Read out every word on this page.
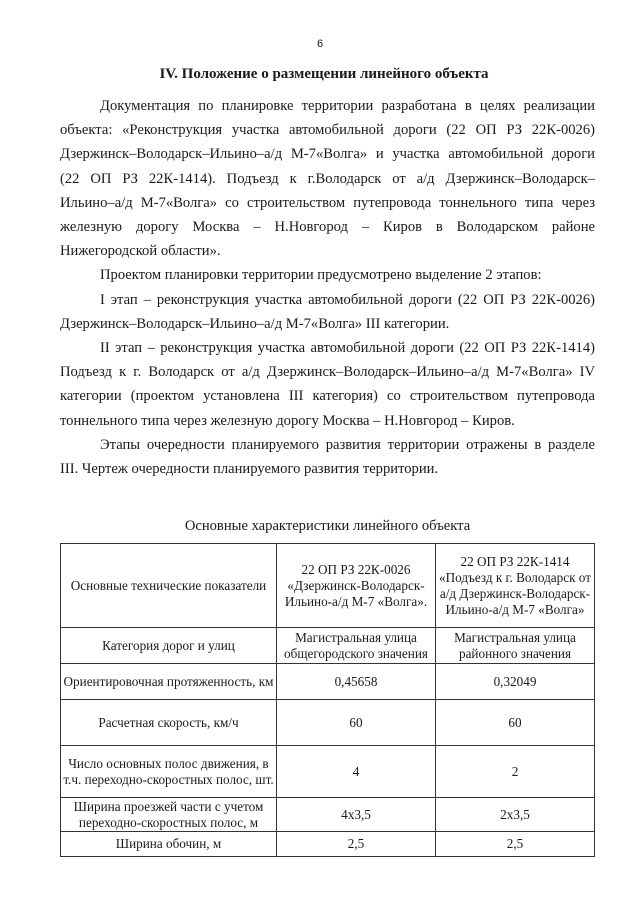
6
IV. Положение о размещении линейного объекта

Документация по планировке территории разработана в целях реализации
объекта: «Реконструкция участка автомобильной дороги (22 ОП РЗ 22К-0026)
Дзержинск–Володарск–Ильино–а/д М-7«Волга» и участка автомобильной дороги
(22 ОП РЗ 22К-1414). Подъезд к г.Володарск от а/д Дзержинск–Володарск–
Ильино–а/д М-7«Волга» со строительством путепровода тоннельного типа через
железную дорогу Москва – Н.Новгород – Киров в Володарском районе
Нижегородской области».

Проектом планировки территории предусмотрено выделение 2 этапов:

I этап – реконструкция участка автомобильной дороги (22 ОП РЗ 22К-0026)
Дзержинск–Володарск–Ильино–а/д М-7«Волга» III категории.

II этап – реконструкция участка автомобильной дороги (22 ОП РЗ 22К-1414)
Подъезд к г. Володарск от а/д Дзержинск–Володарск–Ильино–а/д М-7«Волга» IV
категории (проектом установлена III категория) со строительством путепровода
тоннельного типа через железную дорогу Москва – Н.Новгород – Киров.

Этапы очередности планируемого развития территории отражены в разделе
III. Чертеж очередности планируемого развития территории.

Основные характеристики линейного объекта
Основные технические показатели	22 ОП РЗ 22К-0026 «Дзержинск-Володарск-Ильино-а/д М-7 «Волга».	22 ОП РЗ 22К-1414 «Подъезд к г. Володарск от а/д Дзержинск-Володарск-Ильино-а/д М-7 «Волга»
Категория дорог и улиц	Магистральная улица общегородского значения	Магистральная улица районного значения
Ориентировочная протяженность, км	0,45658	0,32049
Расчетная скорость, км/ч	60	60
Число основных полос движения, в т.ч. переходно-скоростных полос, шт.	4	2
Ширина проезжей части с учетом переходно-скоростных полос, м	4х3,5	2х3,5
Ширина обочин, м	2,5	2,5
